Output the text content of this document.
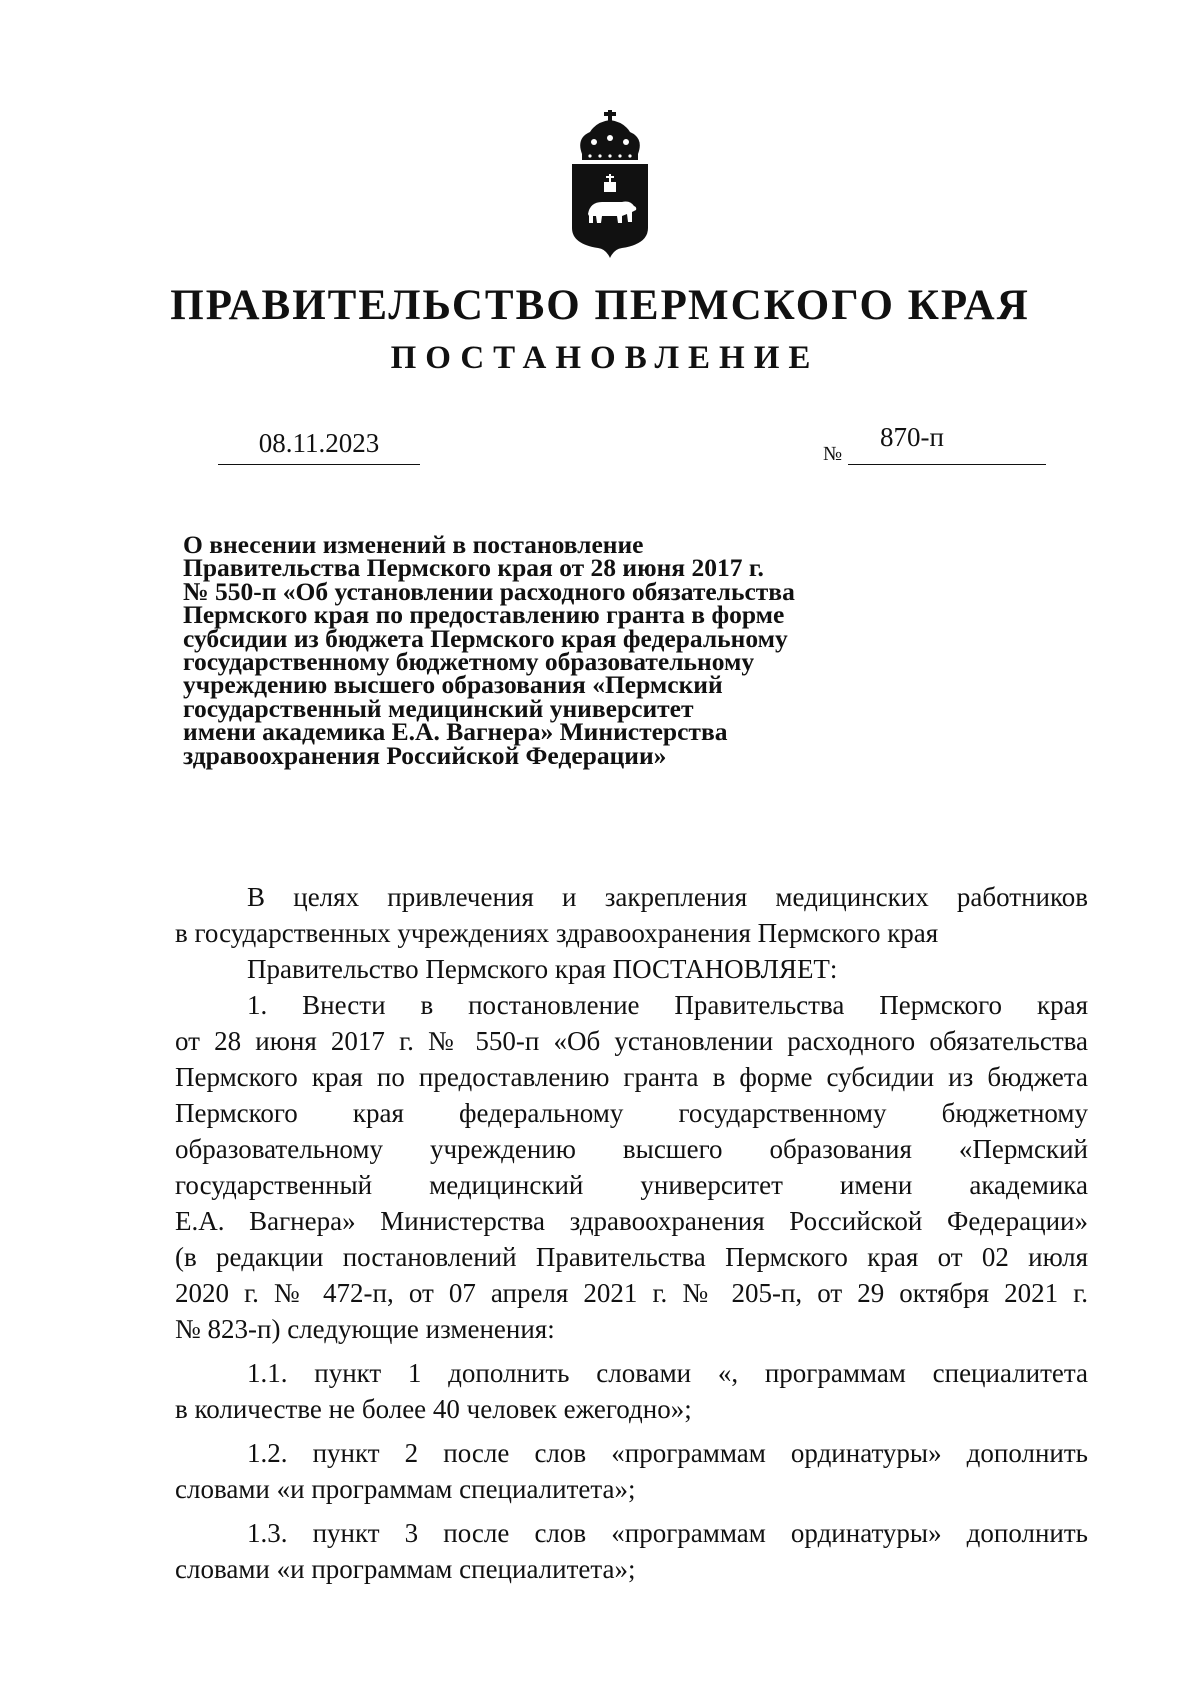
ПРАВИТЕЛЬСТВО ПЕРМСКОГО КРАЯ
ПОСТАНОВЛЕНИЕ
08.11.2023	№
870-п
О внесении изменений в постановление
Правительства Пермского края от 28 июня 2017 г.
№ 550-п «Об установлении расходного обязательства
Пермского края по предоставлению гранта в форме
субсидии из бюджета Пермского края федеральному
государственному бюджетному образовательному
учреждению высшего образования «Пермский
государственный медицинский университет
имени академика Е.А. Вагнера» Министерства
здравоохранения Российской Федерации»
В целях привлечения и закрепления медицинских работников
в государственных учреждениях здравоохранения Пермского края
Правительство Пермского края ПОСТАНОВЛЯЕТ:
1. Внести в постановление Правительства Пермского края
от 28 июня 2017 г. № 550-п «Об установлении расходного обязательства
Пермского края по предоставлению гранта в форме субсидии из бюджета
Пермского края федеральному государственному бюджетному
образовательному учреждению высшего образования «Пермский
государственный медицинский университет имени академика
Е.А. Вагнера» Министерства здравоохранения Российской Федерации»
(в редакции постановлений Правительства Пермского края от 02 июля
2020 г. № 472-п, от 07 апреля 2021 г. № 205-п, от 29 октября 2021 г.
№ 823-п) следующие изменения:
1.1. пункт 1 дополнить словами «, программам специалитета
в количестве не более 40 человек ежегодно»;
1.2. пункт 2 после слов «программам ординатуры» дополнить
словами «и программам специалитета»;
1.3. пункт 3 после слов «программам ординатуры» дополнить
словами «и программам специалитета»;
